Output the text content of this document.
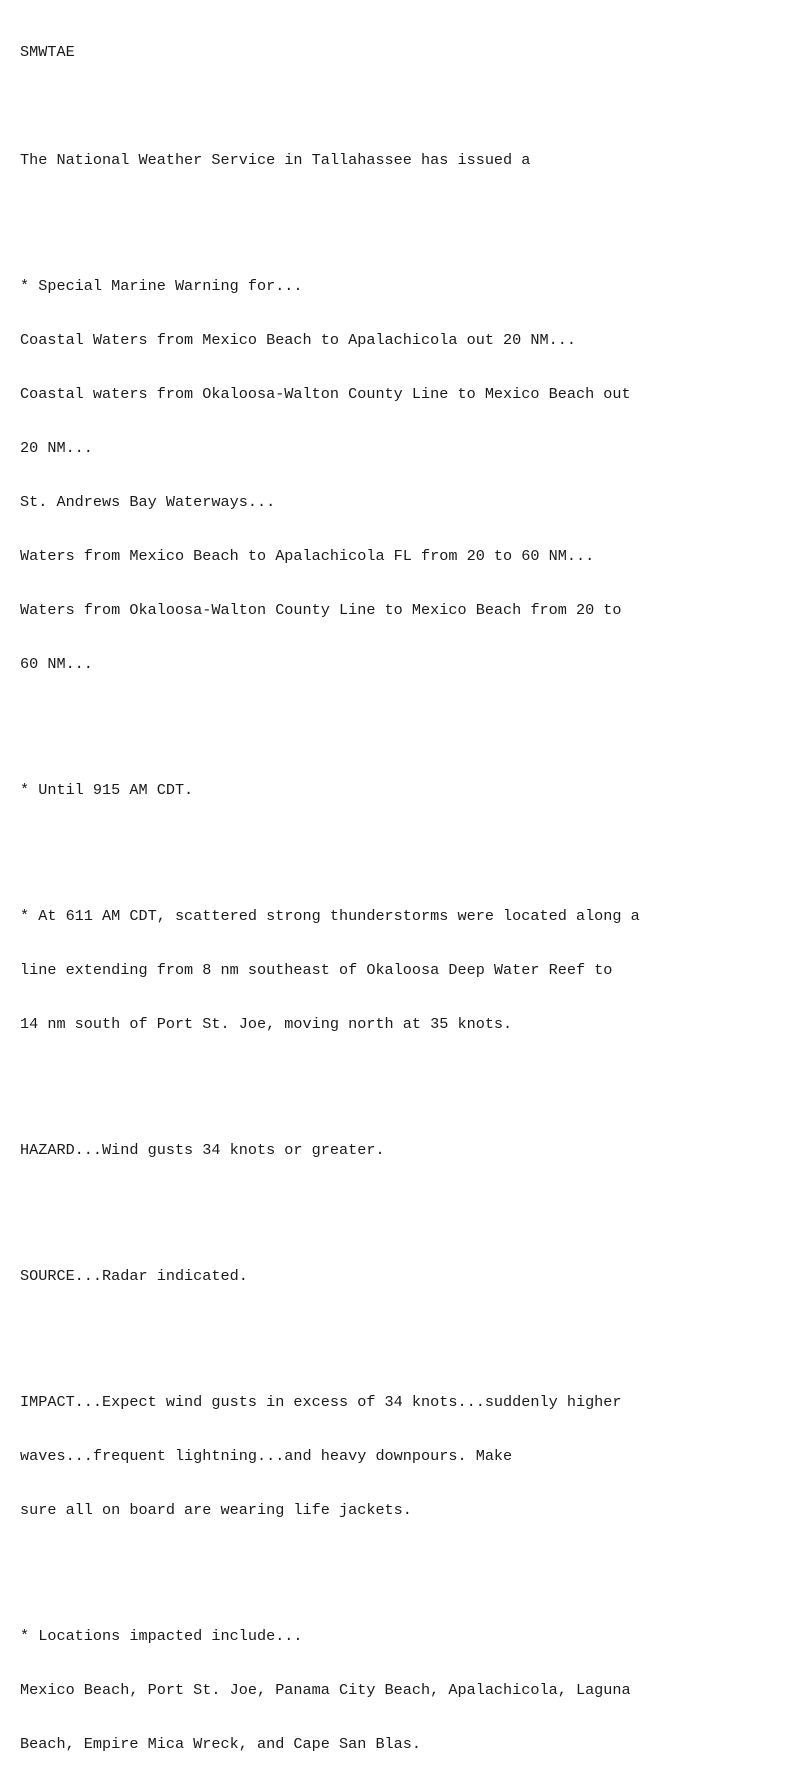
SMWTAE

The National Weather Service in Tallahassee has issued a

* Special Marine Warning for...

Coastal Waters from Mexico Beach to Apalachicola out 20 NM...

Coastal waters from Okaloosa-Walton County Line to Mexico Beach out

20 NM...

St. Andrews Bay Waterways...

Waters from Mexico Beach to Apalachicola FL from 20 to 60 NM...

Waters from Okaloosa-Walton County Line to Mexico Beach from 20 to

60 NM...

* Until 915 AM CDT.

* At 611 AM CDT, scattered strong thunderstorms were located along a

line extending from 8 nm southeast of Okaloosa Deep Water Reef to

14 nm south of Port St. Joe, moving north at 35 knots.

HAZARD...Wind gusts 34 knots or greater.

SOURCE...Radar indicated.

IMPACT...Expect wind gusts in excess of 34 knots...suddenly higher

waves...frequent lightning...and heavy downpours. Make

sure all on board are wearing life jackets.

* Locations impacted include...

Mexico Beach, Port St. Joe, Panama City Beach, Apalachicola, Laguna

Beach, Empire Mica Wreck, and Cape San Blas.
